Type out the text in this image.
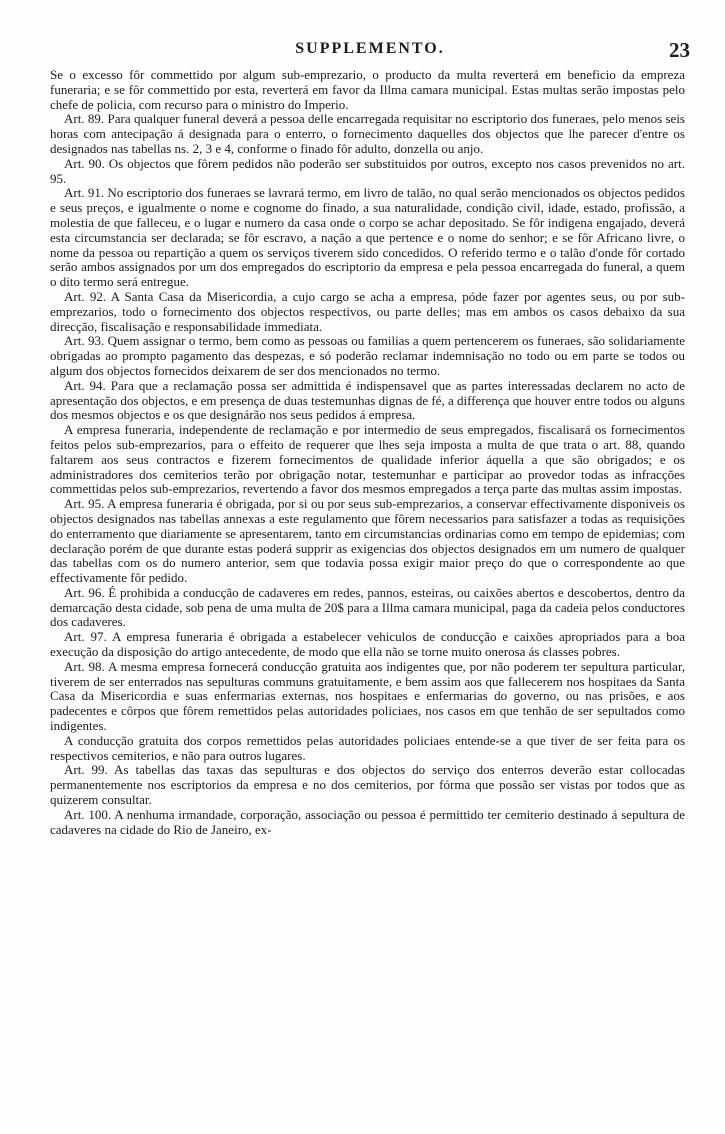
SUPPLEMENTO.	23

Se o excesso fôr commettido por algum sub-emprezario, o producto da multa reverterá em beneficio da empreza funeraria; e se fôr commettido por esta, reverterá em favor da Illma camara municipal. Estas multas serão impostas pelo chefe de policia, com recurso para o ministro do Imperio.

Art. 89. Para qualquer funeral deverá a pessoa delle encarregada requisitar no escriptorio dos funeraes, pelo menos seis horas com antecipação á designada para o enterro, o fornecimento daquelles dos objectos que lhe parecer d'entre os designados nas tabellas ns. 2, 3 e 4, conforme o finado fôr adulto, donzella ou anjo.

Art. 90. Os objectos que fôrem pedidos não poderão ser substituidos por outros, excepto nos casos prevenidos no art. 95.

Art. 91. No escriptorio dos funeraes se lavrará termo, em livro de talão, no qual serão mencionados os objectos pedidos e seus preços, e igualmente o nome e cognome do finado, a sua naturalidade, condição civil, idade, estado, profissão, a molestia de que falleceu, e o lugar e numero da casa onde o corpo se achar depositado. Se fôr indigena engajado, deverá esta circumstancia ser declarada; se fôr escravo, a nação a que pertence e o nome do senhor; e se fôr Africano livre, o nome da pessoa ou repartição a quem os serviços tiverem sido concedidos. O referido termo e o talão d'onde fôr cortado serão ambos assignados por um dos empregados do escriptorio da empresa e pela pessoa encarregada do funeral, a quem o dito termo será entregue.

Art. 92. A Santa Casa da Misericordia, a cujo cargo se acha a empresa, póde fazer por agentes seus, ou por sub-emprezarios, todo o fornecimento dos objectos respectivos, ou parte delles; mas em ambos os casos debaixo da sua direcção, fiscalisação e responsabilidade immediata.

Art. 93. Quem assignar o termo, bem como as pessoas ou familias a quem pertencerem os funeraes, são solidariamente obrigadas ao prompto pagamento das despezas, e só poderão reclamar indemnisação no todo ou em parte se todos ou algum dos objectos fornecidos deixarem de ser dos mencionados no termo.

Art. 94. Para que a reclamação possa ser admittida é indispensavel que as partes interessadas declarem no acto de apresentação dos objectos, e em presença de duas testemunhas dignas de fé, a differença que houver entre todos ou alguns dos mesmos objectos e os que designárão nos seus pedidos á empresa.

A empresa funeraria, independente de reclamação e por intermedio de seus empregados, fiscalisará os fornecimentos feitos pelos sub-emprezarios, para o effeito de requerer que lhes seja imposta a multa de que trata o art. 88, quando faltarem aos seus contractos e fizerem fornecimentos de qualidade inferior áquella a que são obrigados; e os administradores dos cemiterios terão por obrigação notar, testemunhar e participar ao provedor todas as infracções commettidas pelos sub-emprezarios, revertendo a favor dos mesmos empregados a terça parte das multas assim impostas.

Art. 95. A empresa funeraria é obrigada, por si ou por seus sub-emprezarios, a conservar effectivamente disponiveis os objectos designados nas tabellas annexas a este regulamento que fôrem necessarios para satisfazer a todas as requisições do enterramento que diariamente se apresentarem, tanto em circumstancias ordinarias como em tempo de epidemias; com declaração porém de que durante estas poderá supprir as exigencias dos objectos designados em um numero de qualquer das tabellas com os do numero anterior, sem que todavia possa exigir maior preço do que o correspondente ao que effectivamente fôr pedido.

Art. 96. É prohibida a conducção de cadaveres em redes, pannos, esteiras, ou caixões abertos e descobertos, dentro da demarcação desta cidade, sob pena de uma multa de 20$ para a Illma camara municipal, paga da cadeia pelos conductores dos cadaveres.

Art. 97. A empresa funeraria é obrigada a estabelecer vehiculos de conducção e caixões apropriados para a boa execução da disposição do artigo antecedente, de modo que ella não se torne muito onerosa ás classes pobres.

Art. 98. A mesma empresa fornecerá conducção gratuita aos indigentes que, por não poderem ter sepultura particular, tiverem de ser enterrados nas sepulturas communs gratuitamente, e bem assim aos que fallecerem nos hospitaes da Santa Casa da Misericordia e suas enfermarias externas, nos hospitaes e enfermarias do governo, ou nas prisões, e aos padecentes e côrpos que fôrem remettidos pelas autoridades policiaes, nos casos em que tenhão de ser sepultados como indigentes.

A conducção gratuita dos corpos remettidos pelas autoridades policiaes entende-se a que tiver de ser feita para os respectivos cemiterios, e não para outros lugares.

Art. 99. As tabellas das taxas das sepulturas e dos objectos do serviço dos enterros deverão estar collocadas permanentemente nos escriptorios da empresa e no dos cemiterios, por fórma que possão ser vistas por todos que as quizerem consultar.

Art. 100. A nenhuma irmandade, corporação, associação ou pessoa é permittido ter cemiterio destinado á sepultura de cadaveres na cidade do Rio de Janeiro, ex-
